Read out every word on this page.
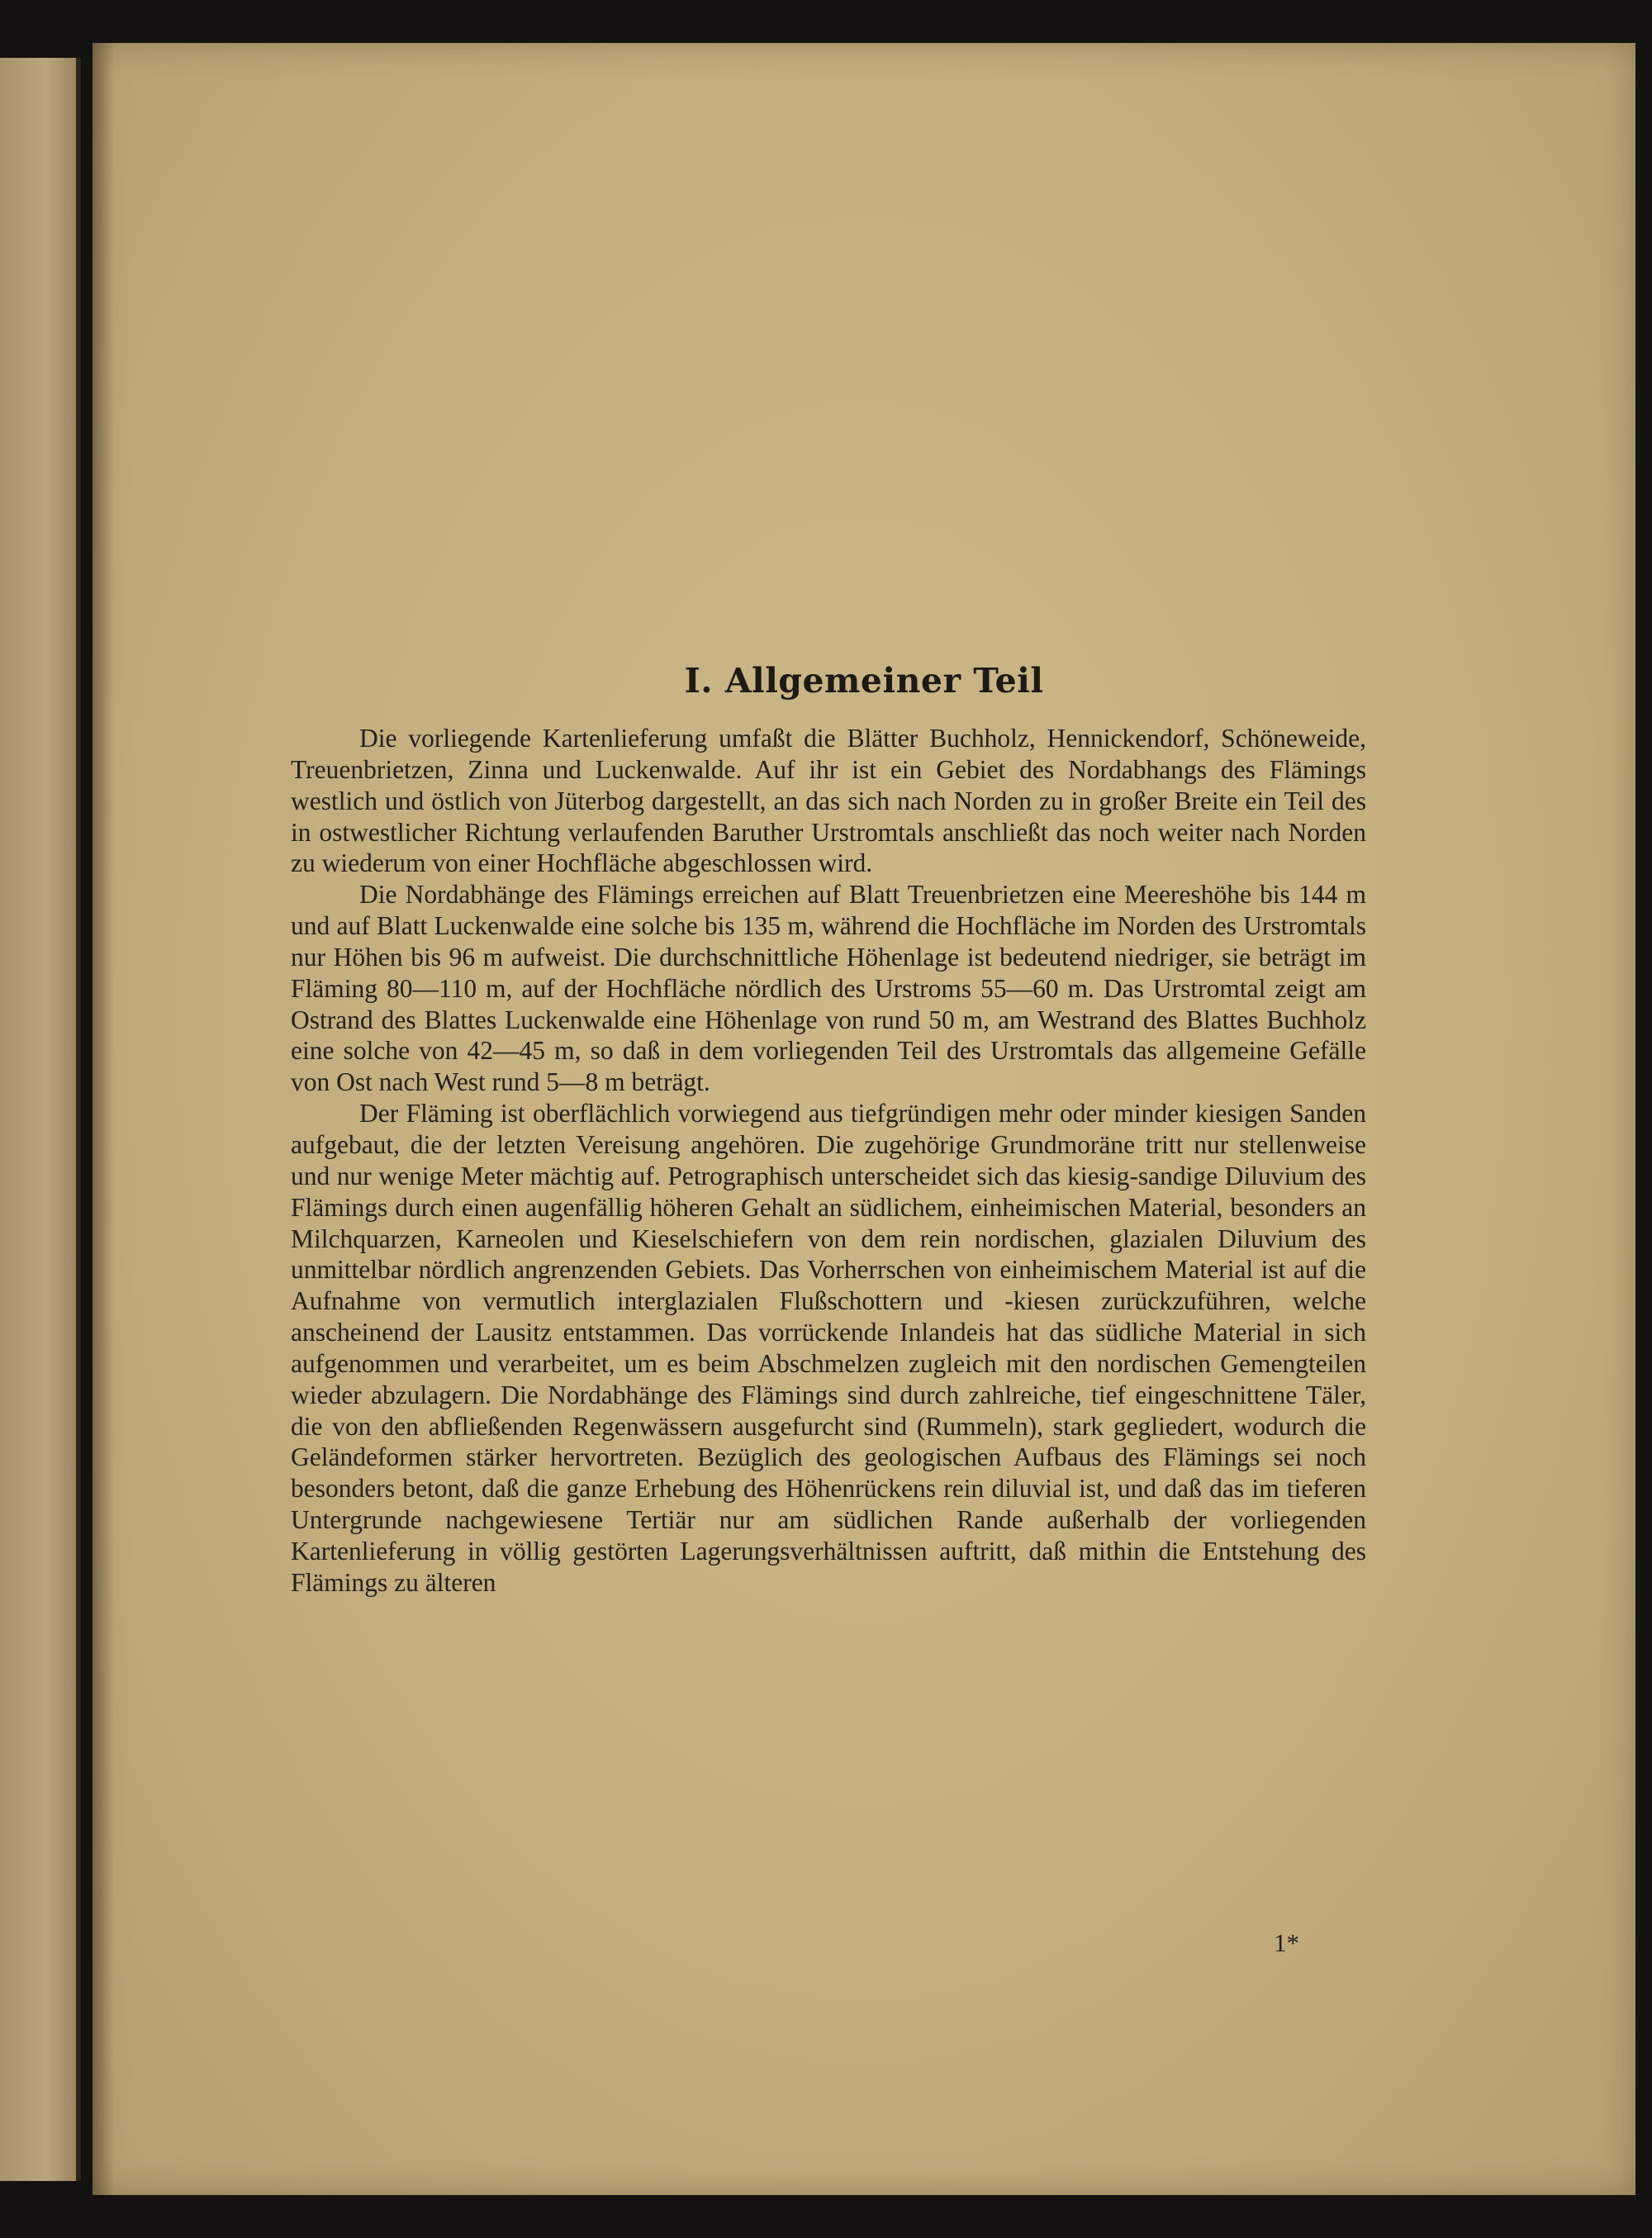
I. Allgemeiner Teil

Die vorliegende Kartenlieferung umfaßt die Blätter Buchholz, Hennickendorf, Schöneweide, Treuenbrietzen, Zinna und Luckenwalde. Auf ihr ist ein Gebiet des Nordabhangs des Flämings westlich und östlich von Jüterbog dargestellt, an das sich nach Norden zu in großer Breite ein Teil des in ostwestlicher Richtung verlaufenden Baruther Urstromtals anschließt das noch weiter nach Norden zu wiederum von einer Hochfläche abgeschlossen wird.

Die Nordabhänge des Flämings erreichen auf Blatt Treuenbrietzen eine Meereshöhe bis 144 m und auf Blatt Luckenwalde eine solche bis 135 m, während die Hochfläche im Norden des Urstromtals nur Höhen bis 96 m aufweist. Die durchschnittliche Höhenlage ist bedeutend niedriger, sie beträgt im Fläming 80—110 m, auf der Hochfläche nördlich des Urstroms 55—60 m. Das Urstromtal zeigt am Ostrand des Blattes Luckenwalde eine Höhenlage von rund 50 m, am Westrand des Blattes Buchholz eine solche von 42—45 m, so daß in dem vorliegenden Teil des Urstromtals das allgemeine Gefälle von Ost nach West rund 5—8 m beträgt.

Der Fläming ist oberflächlich vorwiegend aus tiefgründigen mehr oder minder kiesigen Sanden aufgebaut, die der letzten Vereisung angehören. Die zugehörige Grundmoräne tritt nur stellenweise und nur wenige Meter mächtig auf. Petrographisch unterscheidet sich das kiesig-sandige Diluvium des Flämings durch einen augenfällig höheren Gehalt an südlichem, einheimischen Material, besonders an Milchquarzen, Karneolen und Kieselschiefern von dem rein nordischen, glazialen Diluvium des unmittelbar nördlich angrenzenden Gebiets. Das Vorherrschen von einheimischem Material ist auf die Aufnahme von vermutlich interglazialen Flußschottern und -kiesen zurückzuführen, welche anscheinend der Lausitz entstammen. Das vorrückende Inlandeis hat das südliche Material in sich aufgenommen und verarbeitet, um es beim Abschmelzen zugleich mit den nordischen Gemengteilen wieder abzulagern. Die Nordabhänge des Flämings sind durch zahlreiche, tief eingeschnittene Täler, die von den abfließenden Regenwässern ausgefurcht sind (Rummeln), stark gegliedert, wodurch die Geländeformen stärker hervortreten. Bezüglich des geologischen Aufbaus des Flämings sei noch besonders betont, daß die ganze Erhebung des Höhenrückens rein diluvial ist, und daß das im tieferen Untergrunde nachgewiesene Tertiär nur am südlichen Rande außerhalb der vorliegenden Kartenlieferung in völlig gestörten Lagerungsverhältnissen auftritt, daß mithin die Entstehung des Flämings zu älteren

1*
